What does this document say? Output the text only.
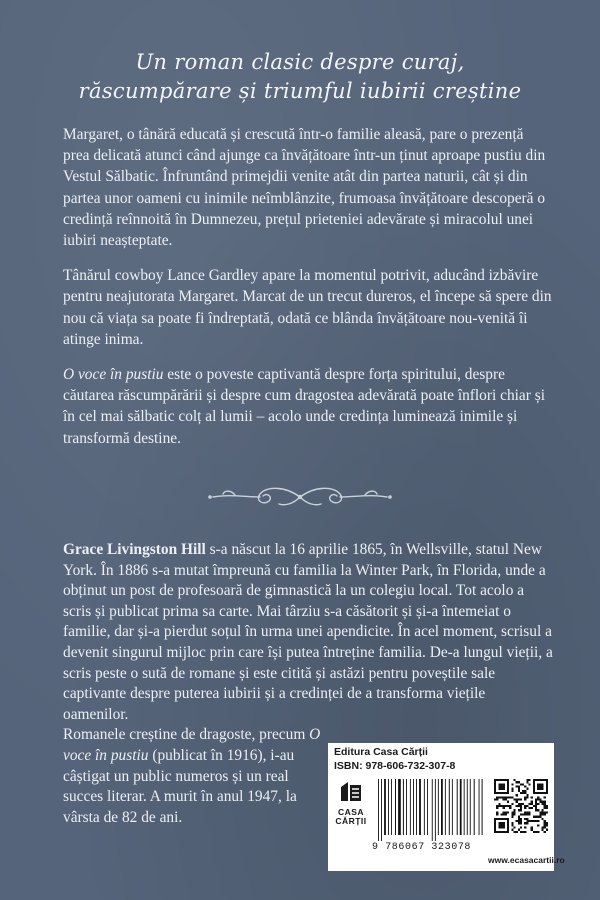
Un roman clasic despre curaj,
răscumpărare și triumful iubirii creștine

Margaret, o tânără educată și crescută într-o familie aleasă, pare o prezență prea delicată atunci când ajunge ca învățătoare într-un ținut aproape pustiu din Vestul Sălbatic. Înfruntând primejdii venite atât din partea naturii, cât și din partea unor oameni cu inimile neîmblânzite, frumoasa învățătoare descoperă o credință reînnoită în Dumnezeu, prețul prieteniei adevărate și miracolul unei iubiri neașteptate.

Tânărul cowboy Lance Gardley apare la momentul potrivit, aducând izbăvire pentru neajutorata Margaret. Marcat de un trecut dureros, el începe să spere din nou că viața sa poate fi îndreptată, odată ce blânda învățătoare nou-venită îi atinge inima.

O voce în pustiu este o poveste captivantă despre forța spiritului, despre căutarea răscumpărării și despre cum dragostea adevărată poate înflori chiar și în cel mai sălbatic colț al lumii – acolo unde credința luminează inimile și transformă destine.

Grace Livingston Hill s-a născut la 16 aprilie 1865, în Wellsville, statul New York. În 1886 s-a mutat împreună cu familia la Winter Park, în Florida, unde a obținut un post de profesoară de gimnastică la un colegiu local. Tot acolo a scris și publicat prima sa carte. Mai târziu s-a căsătorit și și-a întemeiat o familie, dar și-a pierdut soțul în urma unei apendicite. În acel moment, scrisul a devenit singurul mijloc prin care își putea întreține familia. De-a lungul vieții, a scris peste o sută de romane și este citită și astăzi pentru poveștile sale captivante despre puterea iubirii și a credinței de a transforma viețile oamenilor.

Romanele creștine de dragoste, precum O voce în pustiu (publicat în 1916), i-au câștigat un public numeros și un real succes literar. A murit în anul 1947, la vârsta de 82 de ani.

Editura Casa Cărții
ISBN: 978-606-732-307-8
CASA
CĂRȚII
9 786067 323078
www.ecasacartii.ro
